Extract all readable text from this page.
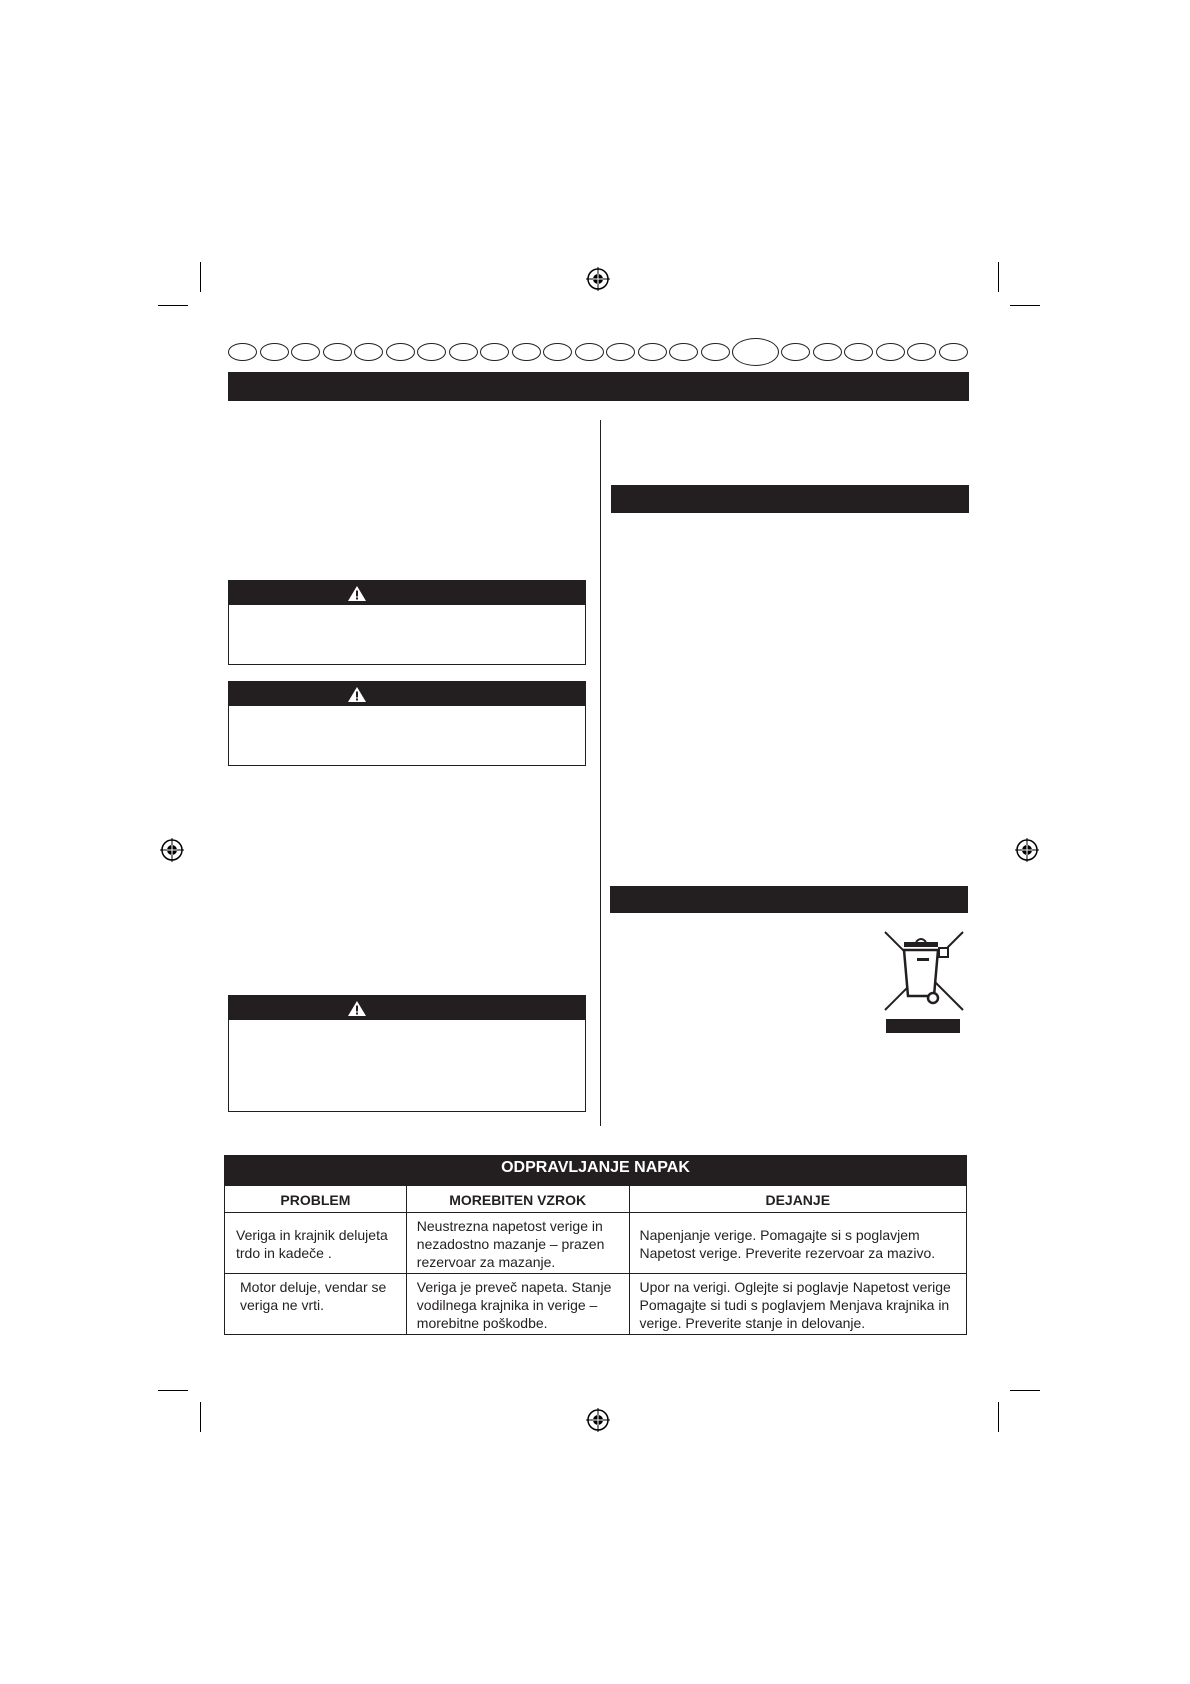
ODPRAVLJANJE NAPAK		
PROBLEM	MOREBITEN VZROK	DEJANJE
Veriga in krajnik delujeta trdo in kadeče .	Neustrezna napetost verige in nezadostno mazanje – prazen rezervoar za mazanje.	Napenjanje verige. Pomagajte si s poglavjem Napetost verige. Preverite rezervoar za mazivo.
Motor deluje, vendar se veriga ne vrti.	Veriga je preveč napeta. Stanje vodilnega krajnika in verige – morebitne poškodbe.	Upor na verigi. Oglejte si poglavje Napetost verige Pomagajte si tudi s poglavjem Menjava krajnika in verige. Preverite stanje in delovanje.
